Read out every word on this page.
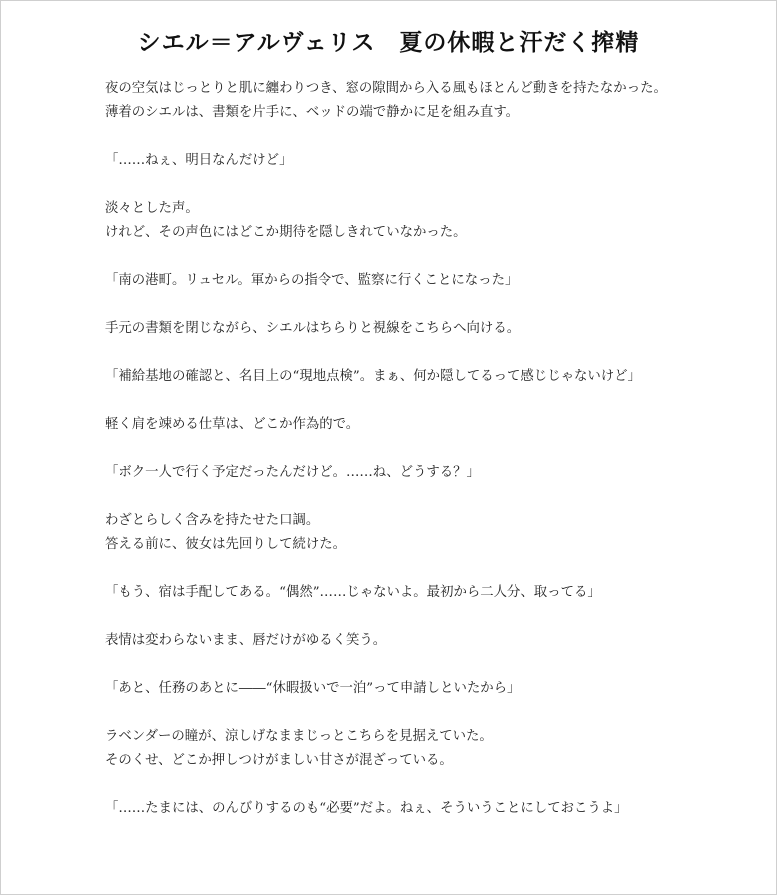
シエル＝アルヴェリス　夏の休暇と汗だく搾精

夜の空気はじっとりと肌に纏わりつき、窓の隙間から入る風もほとんど動きを持たなかった。
薄着のシエルは、書類を片手に、ベッドの端で静かに足を組み直す。

「……ねぇ、明日なんだけど」

淡々とした声。
けれど、その声色にはどこか期待を隠しきれていなかった。

「南の港町。リュセル。軍からの指令で、監察に行くことになった」

手元の書類を閉じながら、シエルはちらりと視線をこちらへ向ける。

「補給基地の確認と、名目上の“現地点検”。まぁ、何か隠してるって感じじゃないけど」

軽く肩を竦める仕草は、どこか作為的で。

「ボク一人で行く予定だったんだけど。……ね、どうする？」

わざとらしく含みを持たせた口調。
答える前に、彼女は先回りして続けた。

「もう、宿は手配してある。“偶然”……じゃないよ。最初から二人分、取ってる」

表情は変わらないまま、唇だけがゆるく笑う。

「あと、任務のあとに――“休暇扱いで一泊”って申請しといたから」

ラベンダーの瞳が、涼しげなままじっとこちらを見据えていた。
そのくせ、どこか押しつけがましい甘さが混ざっている。

「……たまには、のんびりするのも“必要”だよ。ねぇ、そういうことにしておこうよ」
